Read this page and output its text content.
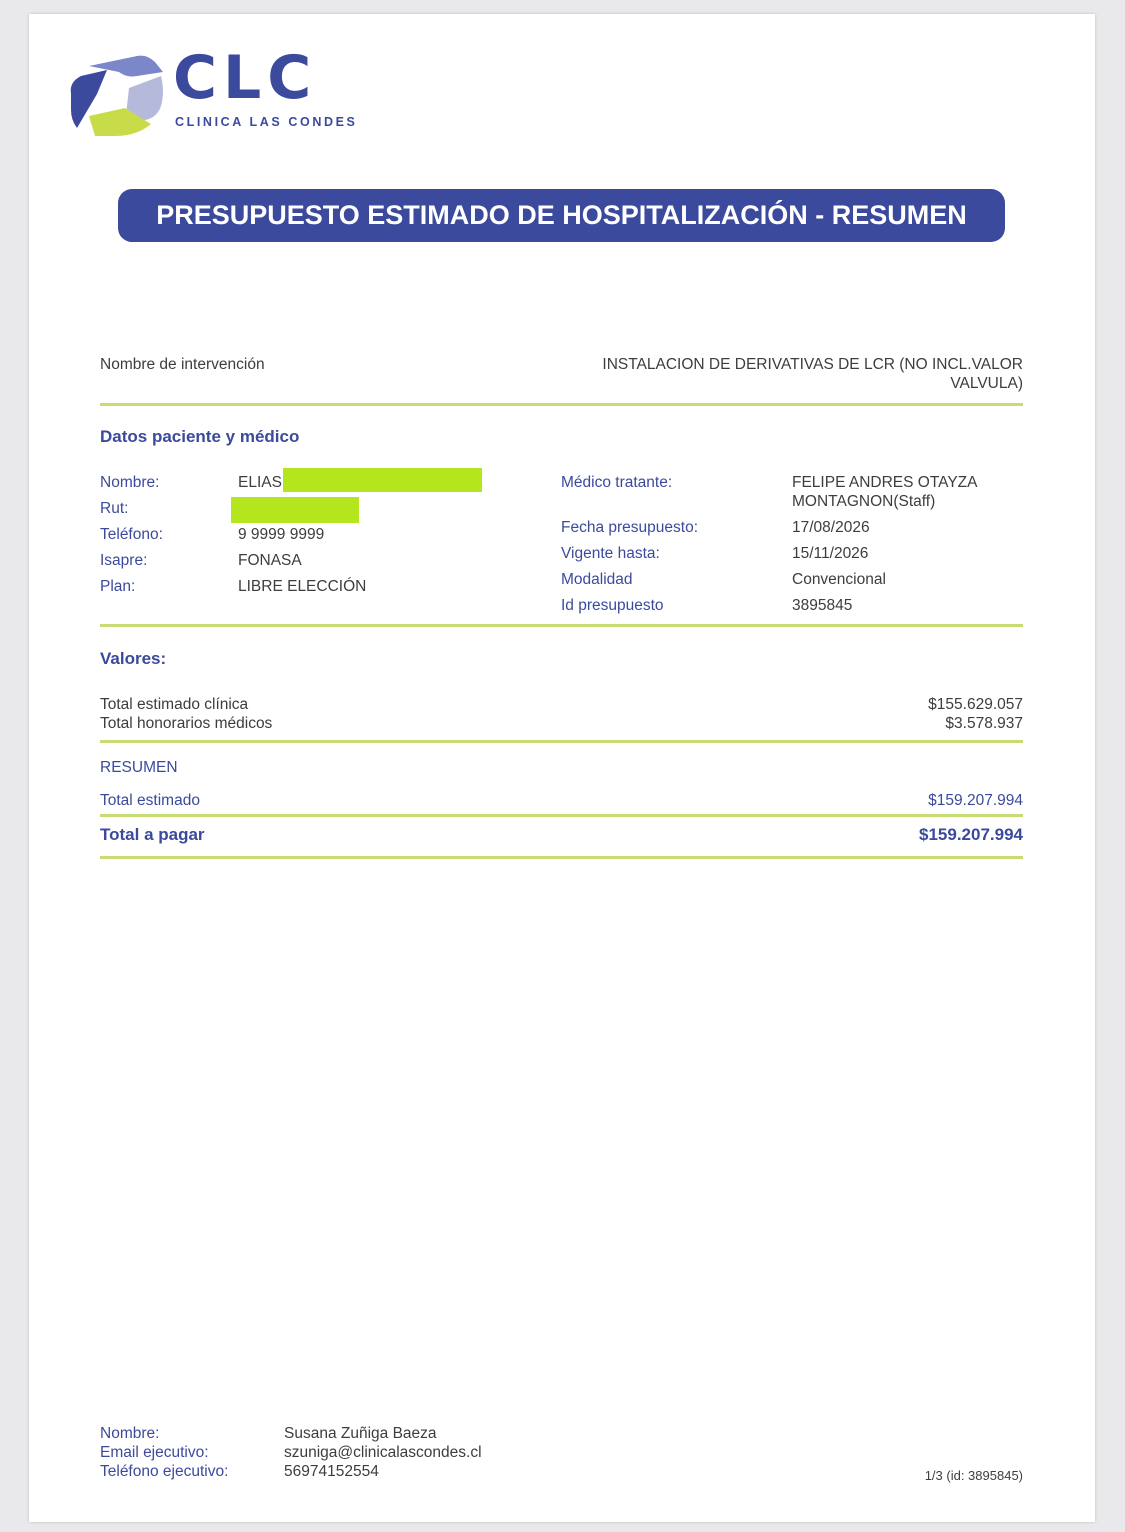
CLC
CLINICA LAS CONDES
PRESUPUESTO ESTIMADO DE HOSPITALIZACIÓN - RESUMEN
Nombre de intervención	INSTALACION DE DERIVATIVAS DE LCR (NO INCL.VALOR
VALVULA)
Datos paciente y médico
Nombre:	ELIAS
Rut:
Teléfono:	9 9999 9999
Isapre:	FONASA
Plan:	LIBRE ELECCIÓN
Médico tratante:	FELIPE ANDRES OTAYZA
MONTAGNON(Staff)
Fecha presupuesto:	17/08/2026
Vigente hasta:	15/11/2026
Modalidad	Convencional
Id presupuesto	3895845
Valores:
Total estimado clínica	$155.629.057
Total honorarios médicos	$3.578.937
RESUMEN
Total estimado	$159.207.994
Total a pagar	$159.207.994
Nombre:	Susana Zuñiga Baeza
Email ejecutivo:	szuniga@clinicalascondes.cl
Teléfono ejecutivo:	56974152554	1/3 (id: 3895845)
